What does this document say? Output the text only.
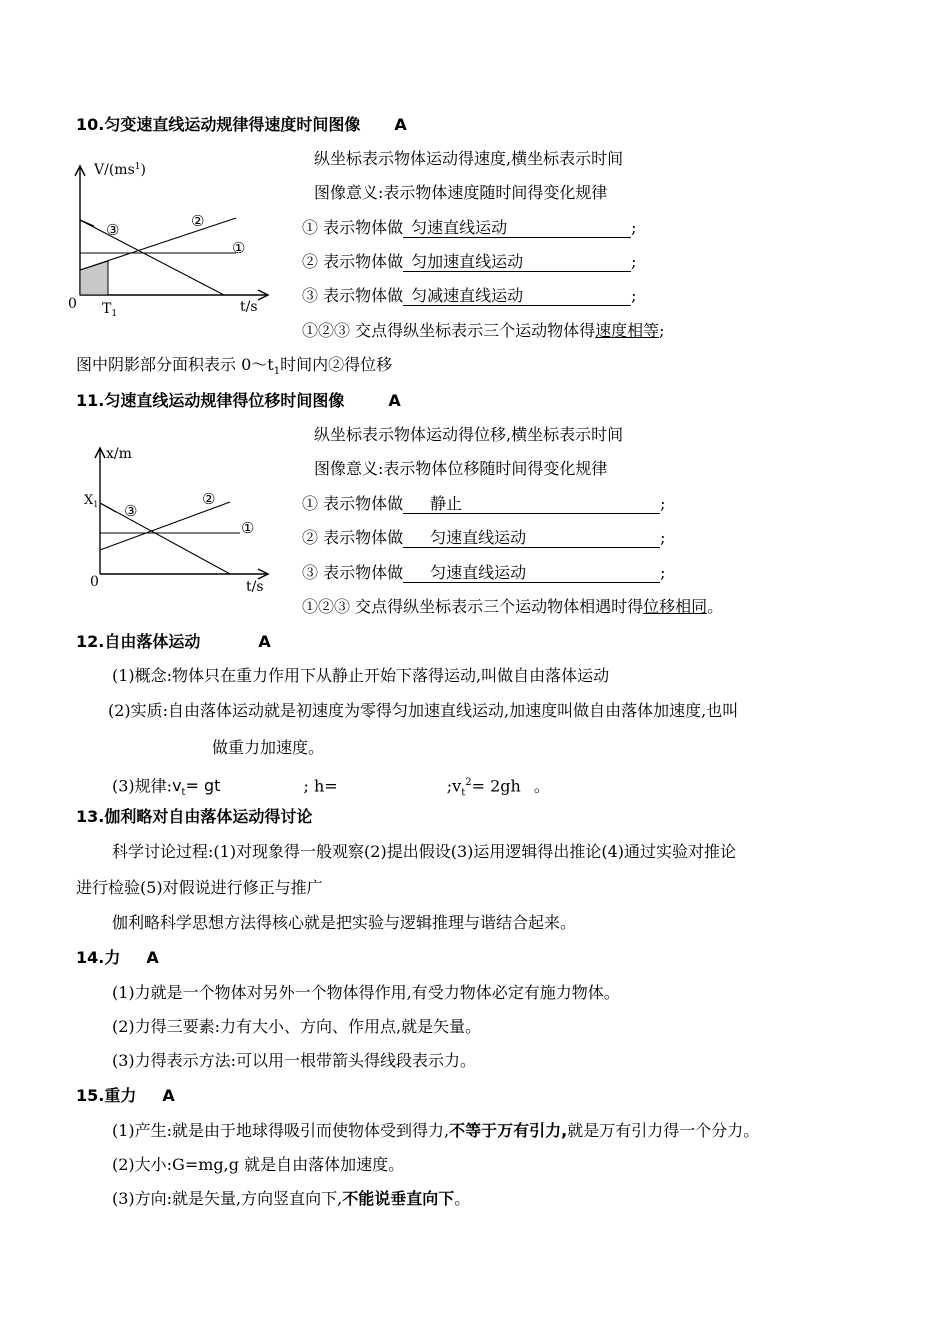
10.匀变速直线运动规律得速度时间图像 A
$V/(ms^1)$
t/s
0 $T_1$
①
②
③
纵坐标表示物体运动得速度,横坐标表示时间
图像意义:表示物体速度随时间得变化规律
① 表示物体做 匀速直线运动	;
② 表示物体做 匀加速直线运动	;
③ 表示物体做 匀减速直线运动	;
①②③ 交点得纵坐标表示三个运动物体得速度相等;
图中阴影部分面积表示 $0\sim t_1$时间内②得位移
11.匀速直线运动规律得位移时间图像	A
x/m
t/s
0
$X_1$
①
②
③
纵坐标表示物体运动得位移,横坐标表示时间
图像意义:表示物体位移随时间得变化规律
① 表示物体做 静止	;
② 表示物体做 匀速直线运动	;
③ 表示物体做 匀速直线运动	;
①②③ 交点得纵坐标表示三个运动物体相遇时得位移相同。
12.自由落体运动	A
(1)概念:物体只在重力作用下从静止开始下落得运动,叫做自由落体运动
(2)实质:自由落体运动就是初速度为零得匀加速直线运动,加速度叫做自由落体加速度,也叫
做重力加速度。
(3)规律$:v_t=$ gt	; h=	$;v_t^2= 2gh$ 。
13.伽利略对自由落体运动得讨论
科学讨论过程:(1)对现象得一般观察(2)提出假设(3)运用逻辑得出推论(4)通过实验对推论
进行检验(5)对假说进行修正与推广
伽利略科学思想方法得核心就是把实验与逻辑推理与谐结合起来。
14.力 A
(1)力就是一个物体对另外一个物体得作用,有受力物体必定有施力物体。
(2)力得三要素:力有大小、方向、作用点,就是矢量。
(3)力得表示方法:可以用一根带箭头得线段表示力。
15.重力 A
(1)产生:就是由于地球得吸引而使物体受到得力,不等于万有引力,就是万有引力得一个分力。
(2)大小:G=mg,g 就是自由落体加速度。
(3)方向:就是矢量,方向竖直向下,不能说垂直向下。
